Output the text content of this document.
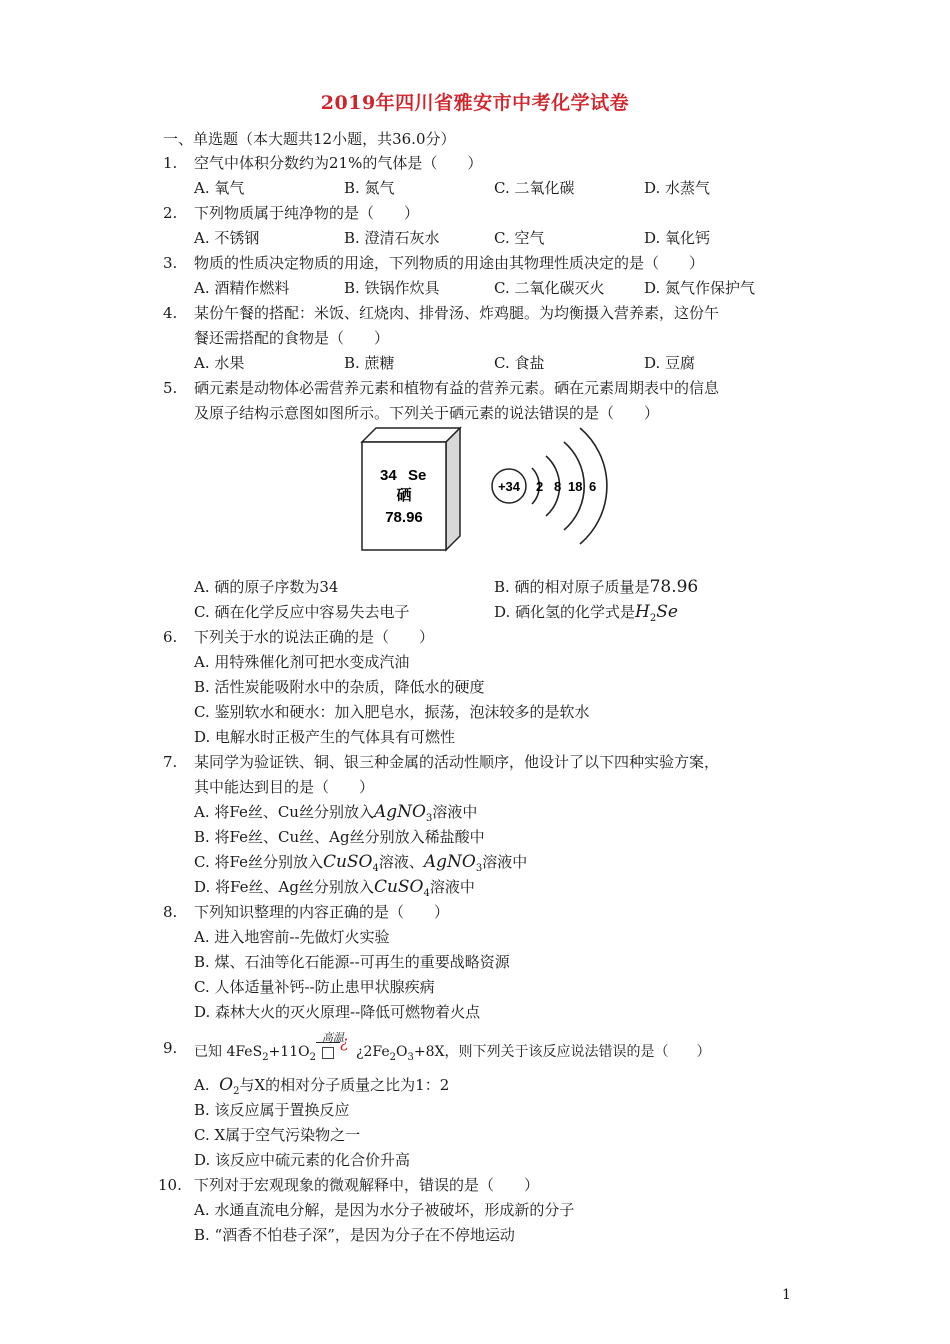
2019年四川省雅安市中考化学试卷
一、单选题（本大题共12小题，共36.0分）
1. 空气中体积分数约为21%的气体是（　　）
A. 氧气	B. 氮气	C. 二氧化碳	D. 水蒸气
2. 下列物质属于纯净物的是（　　）
A. 不锈钢	B. 澄清石灰水	C. 空气	D. 氧化钙
3. 物质的性质决定物质的用途，下列物质的用途由其物理性质决定的是（　　）
A. 酒精作燃料	B. 铁锅作炊具	C. 二氧化碳灭火	D. 氮气作保护气
4. 某份午餐的搭配：米饭、红烧肉、排骨汤、炸鸡腿。为均衡摄入营养素，这份午
餐还需搭配的食物是（　　）
A. 水果	B. 蔗糖	C. 食盐	D. 豆腐
5. 硒元素是动物体必需营养元素和植物有益的营养元素。硒在元素周期表中的信息
及原子结构示意图如图所示。下列关于硒元素的说法错误的是（　　）
34 Se
硒
78.96
+34 2 8 18 6
A. 硒的原子序数为34	B. 硒的相对原子质量是78.96
C. 硒在化学反应中容易失去电子	D. 硒化氢的化学式是$H_2Se$
6. 下列关于水的说法正确的是（　　）
A. 用特殊催化剂可把水变成汽油
B. 活性炭能吸附水中的杂质，降低水的硬度
C. 鉴别软水和硬水：加入肥皂水，振荡，泡沫较多的是软水
D. 电解水时正极产生的气体具有可燃性
7. 某同学为验证铁、铜、银三种金属的活动性顺序，他设计了以下四种实验方案，
其中能达到目的是（　　）
A. 将Fe丝、Cu丝分别放入AgNO$_3$溶液中
B. 将Fe丝、Cu丝、Ag丝分别放入稀盐酸中
C. 将Fe丝分别放入CuSO$_4$溶液、AgNO$_3$溶液中
D. 将Fe丝、Ag丝分别放入CuSO$_4$溶液中
8. 下列知识整理的内容正确的是（　　）
A. 进入地窖前--先做灯火实验
B. 煤、石油等化石能源--可再生的重要战略资源
C. 人体适量补钙--防止患甲状腺疾病
D. 森林大火的灭火原理--降低可燃物着火点
9. 已知 $4FeS_2+11O_2$
高温
¿
¿$2Fe_2O_3+8X$，则下列关于该反应说法错误的是（　　）
A. $O_2$与X的相对分子质量之比为1：2
B. 该反应属于置换反应
C. X属于空气污染物之一
D. 该反应中硫元素的化合价升高
10. 下列对于宏观现象的微观解释中，错误的是（　　）
A. 水通直流电分解，是因为水分子被破坏，形成新的分子
B. “酒香不怕巷子深”，是因为分子在不停地运动
1
